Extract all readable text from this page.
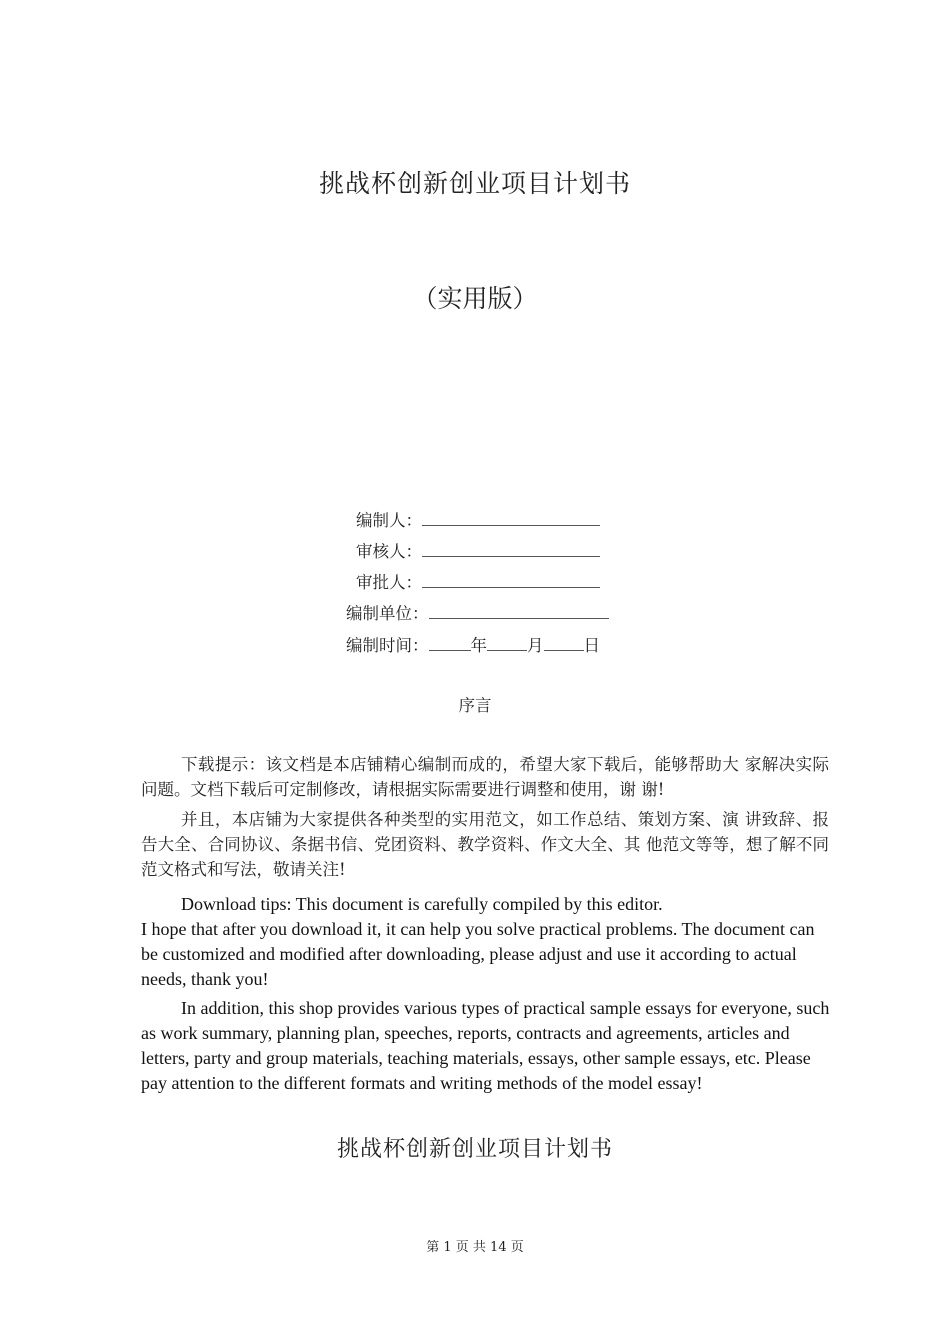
挑战杯创新创业项目计划书
（实用版）
编制人：
审核人：
审批人：
编制单位：
编制时间：	年 月 日
序言
下载提示：该文档是本店铺精心编制而成的，希望大家下载后，能够帮助大 家解决实际问题。文档下载后可定制修改，请根据实际需要进行调整和使用，谢 谢!
并且，本店铺为大家提供各种类型的实用范文，如工作总结、策划方案、演 讲致辞、报告大全、合同协议、条据书信、党团资料、教学资料、作文大全、其 他范文等等，想了解不同范文格式和写法，敬请关注!
Download tips: This document is carefully compiled by this editor.
I hope that after you download it, it can help you solve practical problems. The document can be customized and modified after downloading, please adjust and use it according to actual needs, thank you!
In addition, this shop provides various types of practical sample essays for everyone, such as work summary, planning plan, speeches, reports, contracts and agreements, articles and letters, party and group materials, teaching materials, essays, other sample essays, etc. Please pay attention to the different formats and writing methods of the model essay!
挑战杯创新创业项目计划书
第 1 页 共 14 页
